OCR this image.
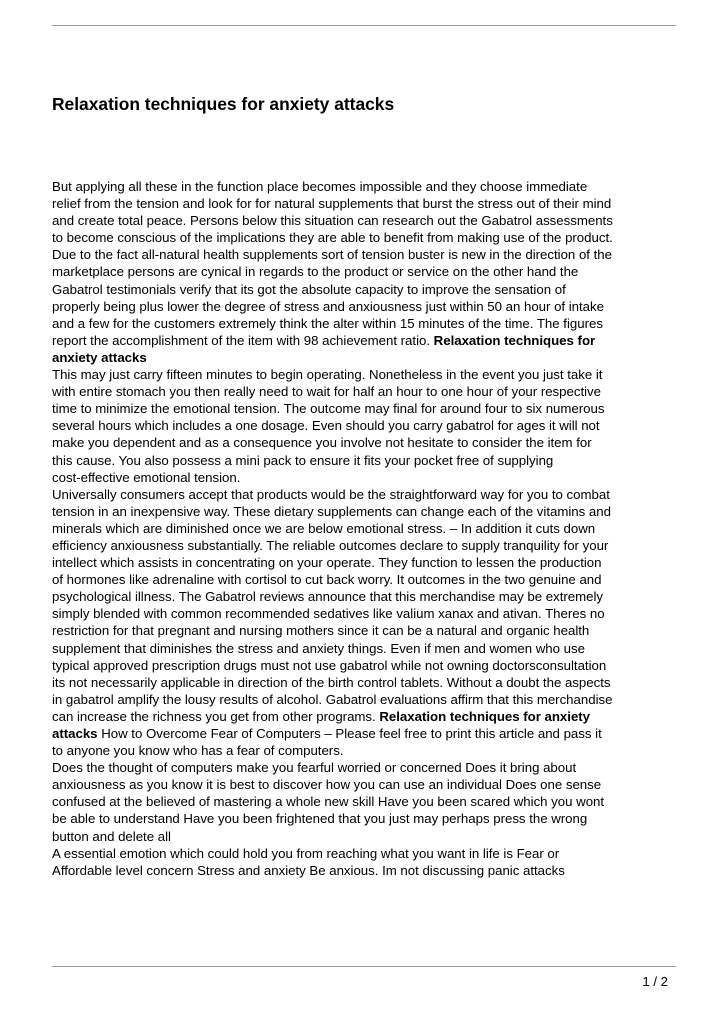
Relaxation techniques for anxiety attacks
But applying all these in the function place becomes impossible and they choose immediate
relief from the tension and look for for natural supplements that burst the stress out of their mind
and create total peace. Persons below this situation can research out the Gabatrol assessments
to become conscious of the implications they are able to benefit from making use of the product.
Due to the fact all-natural health supplements sort of tension buster is new in the direction of the
marketplace persons are cynical in regards to the product or service on the other hand the
Gabatrol testimonials verify that its got the absolute capacity to improve the sensation of
properly being plus lower the degree of stress and anxiousness just within 50 an hour of intake
and a few for the customers extremely think the alter within 15 minutes of the time. The figures
report the accomplishment of the item with 98 achievement ratio. Relaxation techniques for
anxiety attacks
This may just carry fifteen minutes to begin operating. Nonetheless in the event you just take it
with entire stomach you then really need to wait for half an hour to one hour of your respective
time to minimize the emotional tension. The outcome may final for around four to six numerous
several hours which includes a one dosage. Even should you carry gabatrol for ages it will not
make you dependent and as a consequence you involve not hesitate to consider the item for
this cause. You also possess a mini pack to ensure it fits your pocket free of supplying
cost-effective emotional tension.
Universally consumers accept that products would be the straightforward way for you to combat
tension in an inexpensive way. These dietary supplements can change each of the vitamins and
minerals which are diminished once we are below emotional stress. – In addition it cuts down
efficiency anxiousness substantially. The reliable outcomes declare to supply tranquility for your
intellect which assists in concentrating on your operate. They function to lessen the production
of hormones like adrenaline with cortisol to cut back worry. It outcomes in the two genuine and
psychological illness. The Gabatrol reviews announce that this merchandise may be extremely
simply blended with common recommended sedatives like valium xanax and ativan. Theres no
restriction for that pregnant and nursing mothers since it can be a natural and organic health
supplement that diminishes the stress and anxiety things. Even if men and women who use
typical approved prescription drugs must not use gabatrol while not owning doctorsconsultation
its not necessarily applicable in direction of the birth control tablets. Without a doubt the aspects
in gabatrol amplify the lousy results of alcohol. Gabatrol evaluations affirm that this merchandise
can increase the richness you get from other programs. Relaxation techniques for anxiety
attacks How to Overcome Fear of Computers – Please feel free to print this article and pass it
to anyone you know who has a fear of computers.
Does the thought of computers make you fearful worried or concerned Does it bring about
anxiousness as you know it is best to discover how you can use an individual Does one sense
confused at the believed of mastering a whole new skill Have you been scared which you wont
be able to understand Have you been frightened that you just may perhaps press the wrong
button and delete all
A essential emotion which could hold you from reaching what you want in life is Fear or
Affordable level concern Stress and anxiety Be anxious. Im not discussing panic attacks
1 / 2
